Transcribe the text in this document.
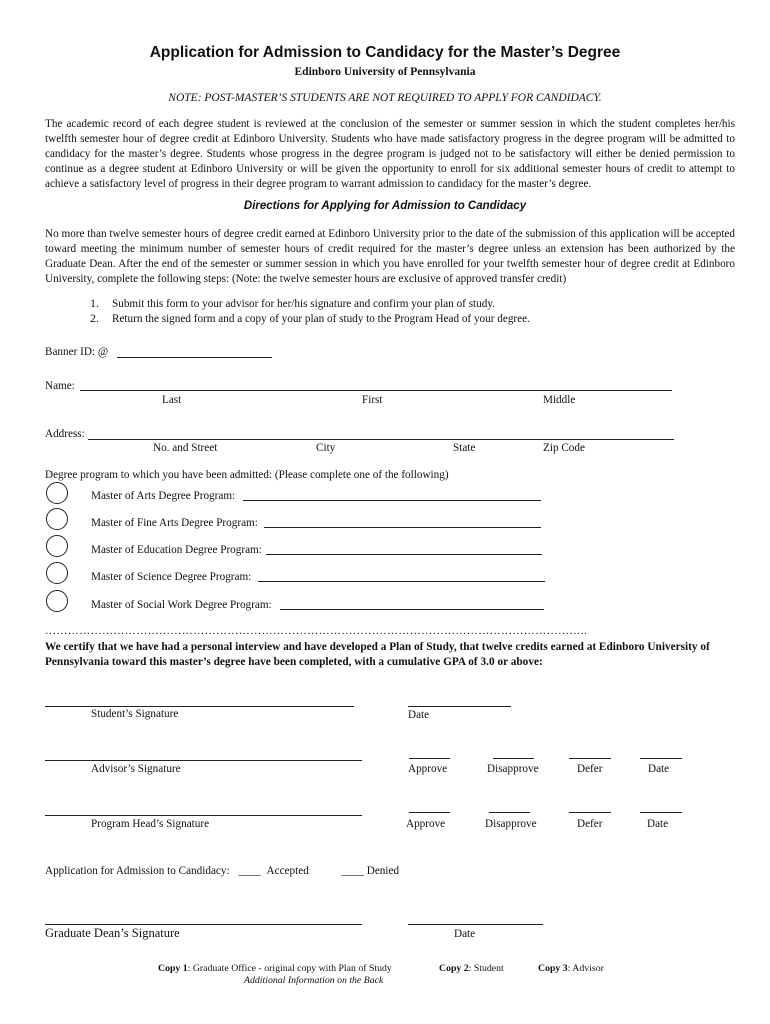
Application for Admission to Candidacy for the Master’s Degree
Edinboro University of Pennsylvania
NOTE: POST-MASTER’S STUDENTS ARE NOT REQUIRED TO APPLY FOR CANDIDACY.
The academic record of each degree student is reviewed at the conclusion of the semester or summer session in which the student completes her/his twelfth semester hour of degree credit at Edinboro University. Students who have made satisfactory progress in the degree program will be admitted to candidacy for the master’s degree. Students whose progress in the degree program is judged not to be satisfactory will either be denied permission to continue as a degree student at Edinboro University or will be given the opportunity to enroll for six additional semester hours of credit to attempt to achieve a satisfactory level of progress in their degree program to warrant admission to candidacy for the master’s degree.
Directions for Applying for Admission to Candidacy
No more than twelve semester hours of degree credit earned at Edinboro University prior to the date of the submission of this application will be accepted toward meeting the minimum number of semester hours of credit required for the master’s degree unless an extension has been authorized by the Graduate Dean. After the end of the semester or summer session in which you have enrolled for your twelfth semester hour of degree credit at Edinboro University, complete the following steps: (Note: the twelve semester hours are exclusive of approved transfer credit)
1. Submit this form to your advisor for her/his signature and confirm your plan of study.
2. Return the signed form and a copy of your plan of study to the Program Head of your degree.
Banner ID: @
Name:
Last	First	Middle
Address:
No. and Street	City	State	Zip Code
Degree program to which you have been admitted: (Please complete one of the following)
Master of Arts Degree Program:
Master of Fine Arts Degree Program:
Master of Education Degree Program:
Master of Science Degree Program:
Master of Social Work Degree Program:
……………………………………………………………………………………………………………………………..
We certify that we have had a personal interview and have developed a Plan of Study, that twelve credits earned at Edinboro University of Pennsylvania toward this master’s degree have been completed, with a cumulative GPA of 3.0 or above:
Student’s Signature	Date
Advisor’s Signature	Approve	Disapprove	Defer	Date
Program Head’s Signature	Approve	Disapprove	Defer	Date
Application for Admission to Candidacy: ____ Accepted	____ Denied
Graduate Dean’s Signature	Date
Copy 1: Graduate Office - original copy with Plan of Study	Copy 2: Student	Copy 3: Advisor
Additional Information on the Back
